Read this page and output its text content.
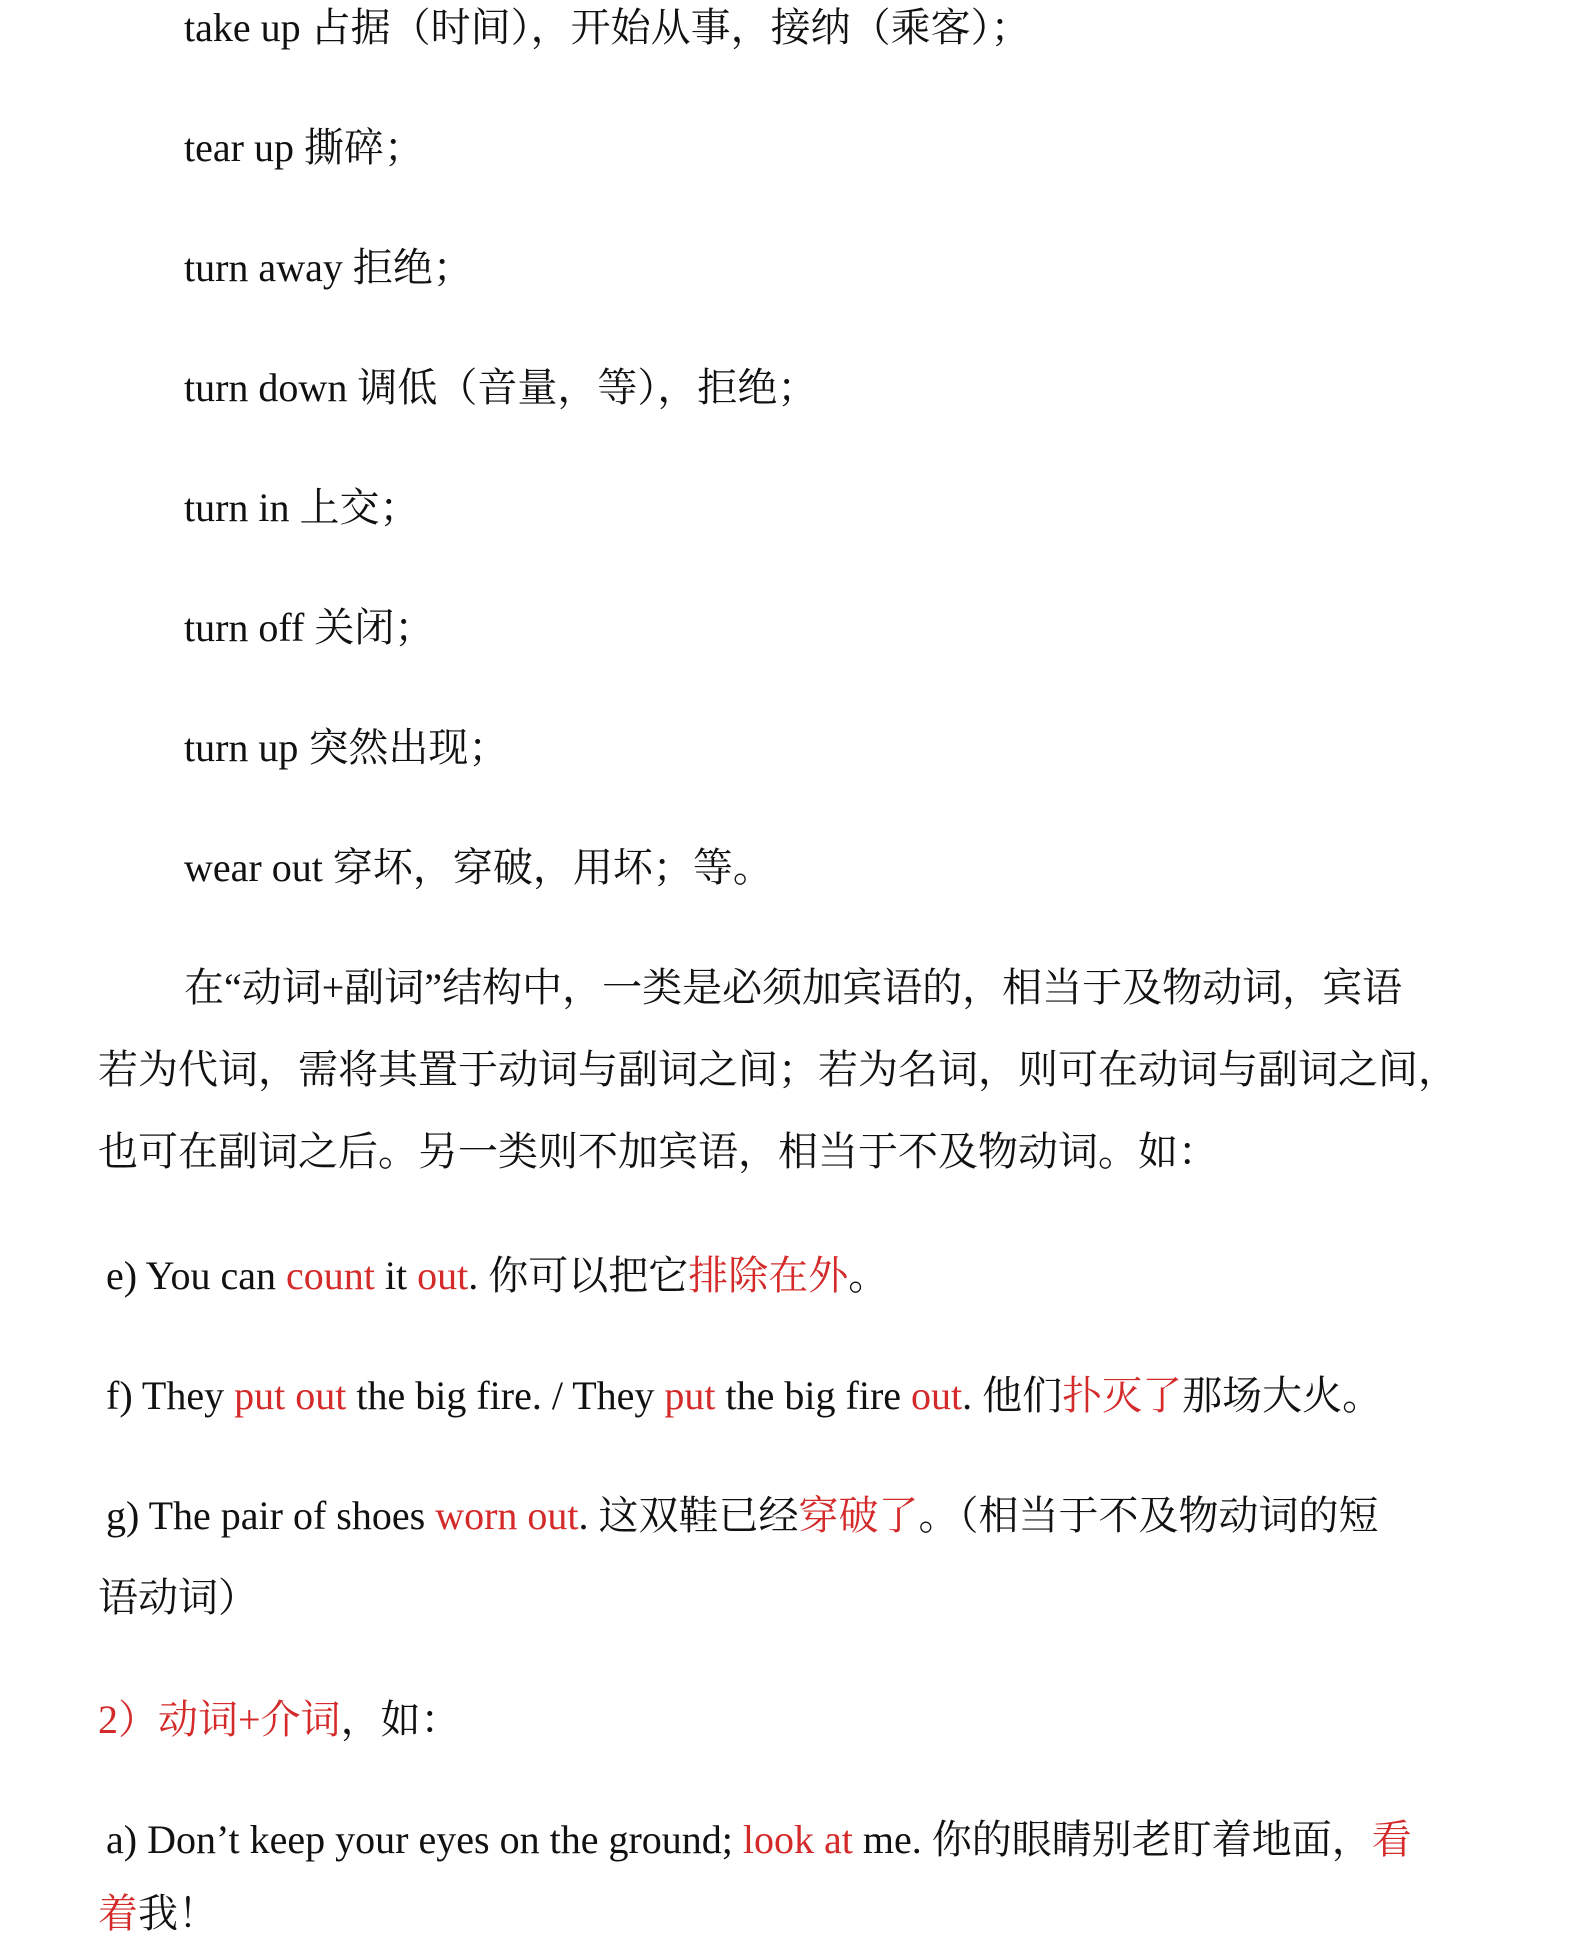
take up 占据（时间），开始从事，接纳（乘客）；
tear up 撕碎；
turn away 拒绝；
turn down 调低（音量，等），拒绝；
turn in 上交；
turn off 关闭；
turn up 突然出现；
wear out 穿坏，穿破，用坏；等。
在“动词+副词”结构中，一类是必须加宾语的，相当于及物动词，宾语
若为代词，需将其置于动词与副词之间；若为名词，则可在动词与副词之间，
也可在副词之后。另一类则不加宾语，相当于不及物动词。如：
e) You can count it out. 你可以把它排除在外。
f) They put out the big fire. / They put the big fire out. 他们扑灭了那场大火。
g) The pair of shoes worn out. 这双鞋已经穿破了。（相当于不及物动词的短
语动词）
2）动词+介词，如：
a) Don’t keep your eyes on the ground; look at me. 你的眼睛别老盯着地面，看
着我！
